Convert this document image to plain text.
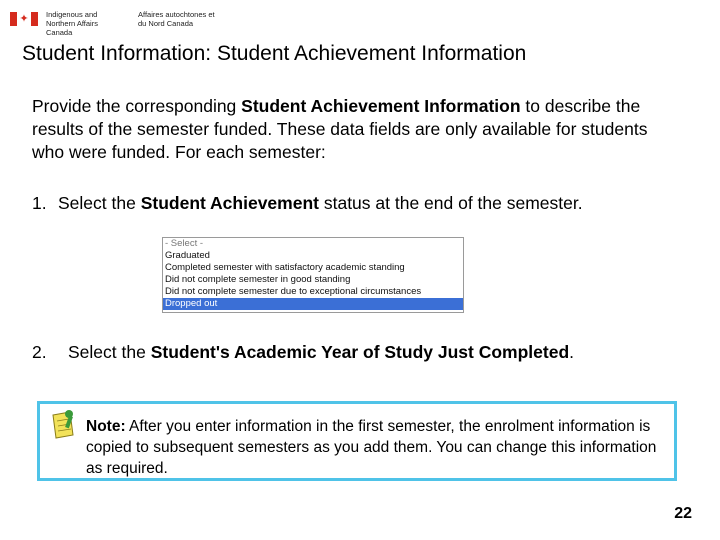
✦ Indigenous and Northern Affairs Canada
Affaires autochtones et du Nord Canada
Student Information: Student Achievement Information
Provide the corresponding Student Achievement Information to describe the results of the semester funded. These data fields are only available for students who were funded. For each semester:
1. Select the Student Achievement status at the end of the semester.
- Select -
Graduated
Completed semester with satisfactory academic standing
Did not complete semester in good standing
Did not complete semester due to exceptional circumstances
Dropped out
2. Select the Student's Academic Year of Study Just Completed.
Note: After you enter information in the first semester, the enrolment information is copied to subsequent semesters as you add them. You can change this information as required.
22
